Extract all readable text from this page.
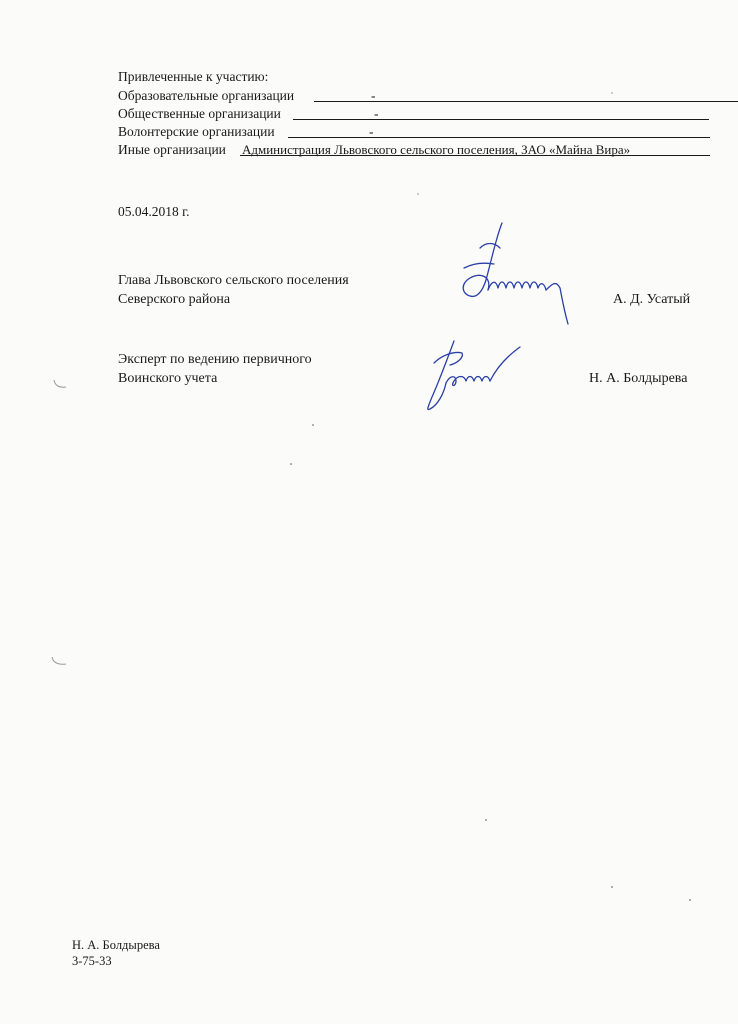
Привлеченные к участию:
Образовательные организации	-
Общественные организации	-
Волонтерские организации	-
Иные организации Администрация Львовского сельского поселения, ЗАО «Майна Вира»
05.04.2018 г.
Глава Львовского сельского поселения
Северского района	А. Д. Усатый
Эксперт по ведению первичного
Воинского учета	Н. А. Болдырева
Н. А. Болдырева
3-75-33
